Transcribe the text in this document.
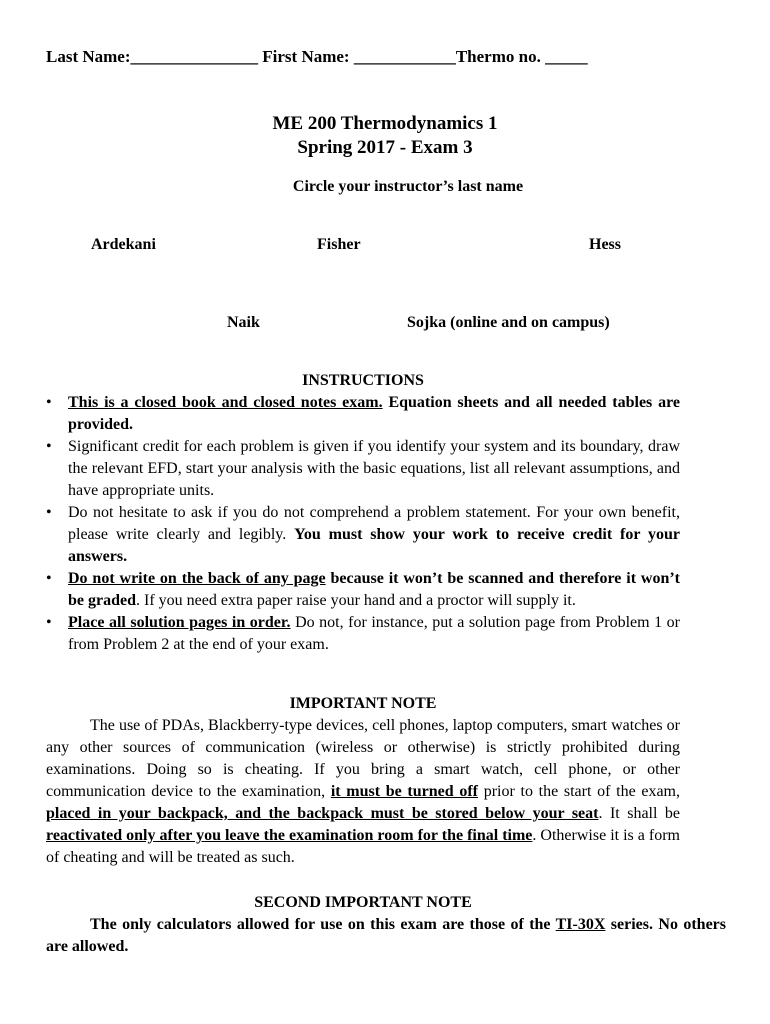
Last Name:_______________ First Name: ____________Thermo no. _____
ME 200 Thermodynamics 1
Spring 2017 - Exam 3
Circle your instructor’s last name
Ardekani	Fisher	Hess
Naik	Sojka (online and on campus)
INSTRUCTIONS
• This is a closed book and closed notes exam. Equation sheets and all needed tables are provided.
• Significant credit for each problem is given if you identify your system and its boundary, draw the relevant EFD, start your analysis with the basic equations, list all relevant assumptions, and have appropriate units.
• Do not hesitate to ask if you do not comprehend a problem statement. For your own benefit, please write clearly and legibly. You must show your work to receive credit for your answers.
• Do not write on the back of any page because it won’t be scanned and therefore it won’t be graded. If you need extra paper raise your hand and a proctor will supply it.
• Place all solution pages in order. Do not, for instance, put a solution page from Problem 1 or from Problem 2 at the end of your exam.
IMPORTANT NOTE
The use of PDAs, Blackberry-type devices, cell phones, laptop computers, smart watches or any other sources of communication (wireless or otherwise) is strictly prohibited during examinations. Doing so is cheating. If you bring a smart watch, cell phone, or other communication device to the examination, it must be turned off prior to the start of the exam, placed in your backpack, and the backpack must be stored below your seat. It shall be reactivated only after you leave the examination room for the final time. Otherwise it is a form of cheating and will be treated as such.
SECOND IMPORTANT NOTE
The only calculators allowed for use on this exam are those of the TI-30X series. No others are allowed.
